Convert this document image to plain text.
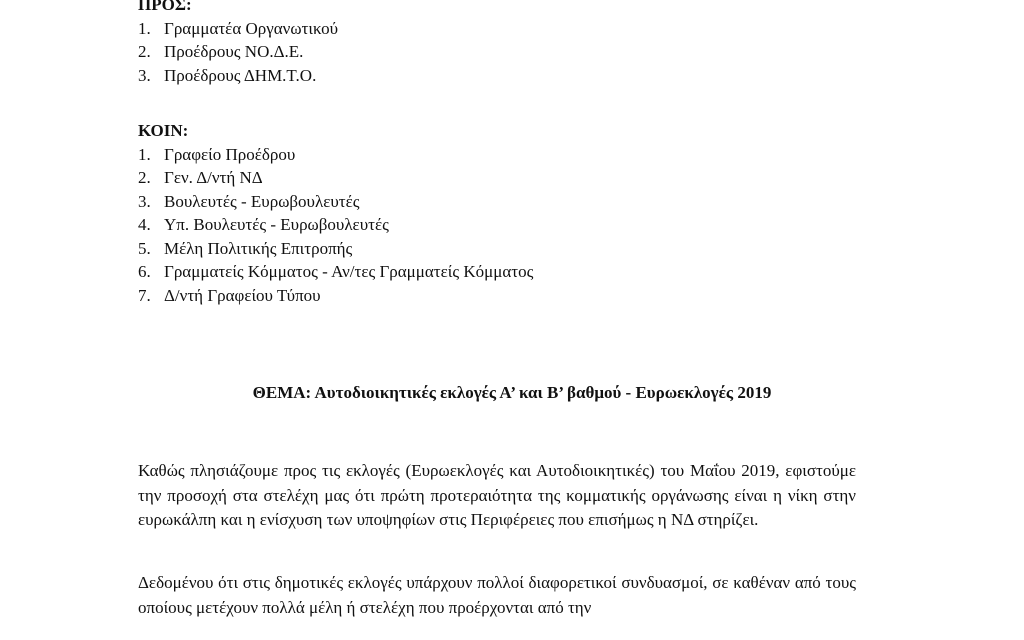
ΠΡΟΣ:
1. Γραμματέα Οργανωτικού
2. Προέδρους ΝΟ.Δ.Ε.
3. Προέδρους ΔΗΜ.Τ.Ο.
ΚΟΙΝ:
1. Γραφείο Προέδρου
2. Γεν. Δ/ντή ΝΔ
3. Βουλευτές - Ευρωβουλευτές
4. Υπ. Βουλευτές - Ευρωβουλευτές
5. Μέλη Πολιτικής Επιτροπής
6. Γραμματείς Κόμματος - Αν/τες Γραμματείς Κόμματος
7. Δ/ντή Γραφείου Τύπου
ΘΕΜΑ: Αυτοδιοικητικές εκλογές Α’ και Β’ βαθμού - Ευρωεκλογές 2019

Καθώς πλησιάζουμε προς τις εκλογές (Ευρωεκλογές και Αυτοδιοικητικές) του Μαΐου 2019, εφιστούμε την προσοχή στα στελέχη μας ότι πρώτη προτεραιότητα της κομματικής οργάνωσης είναι η νίκη στην ευρωκάλπη και η ενίσχυση των υποψηφίων στις Περιφέρειες που επισήμως η ΝΔ στηρίζει.

Δεδομένου ότι στις δημοτικές εκλογές υπάρχουν πολλοί διαφορετικοί συνδυασμοί, σε καθέναν από τους οποίους μετέχουν πολλά μέλη ή στελέχη που προέρχονται από την
